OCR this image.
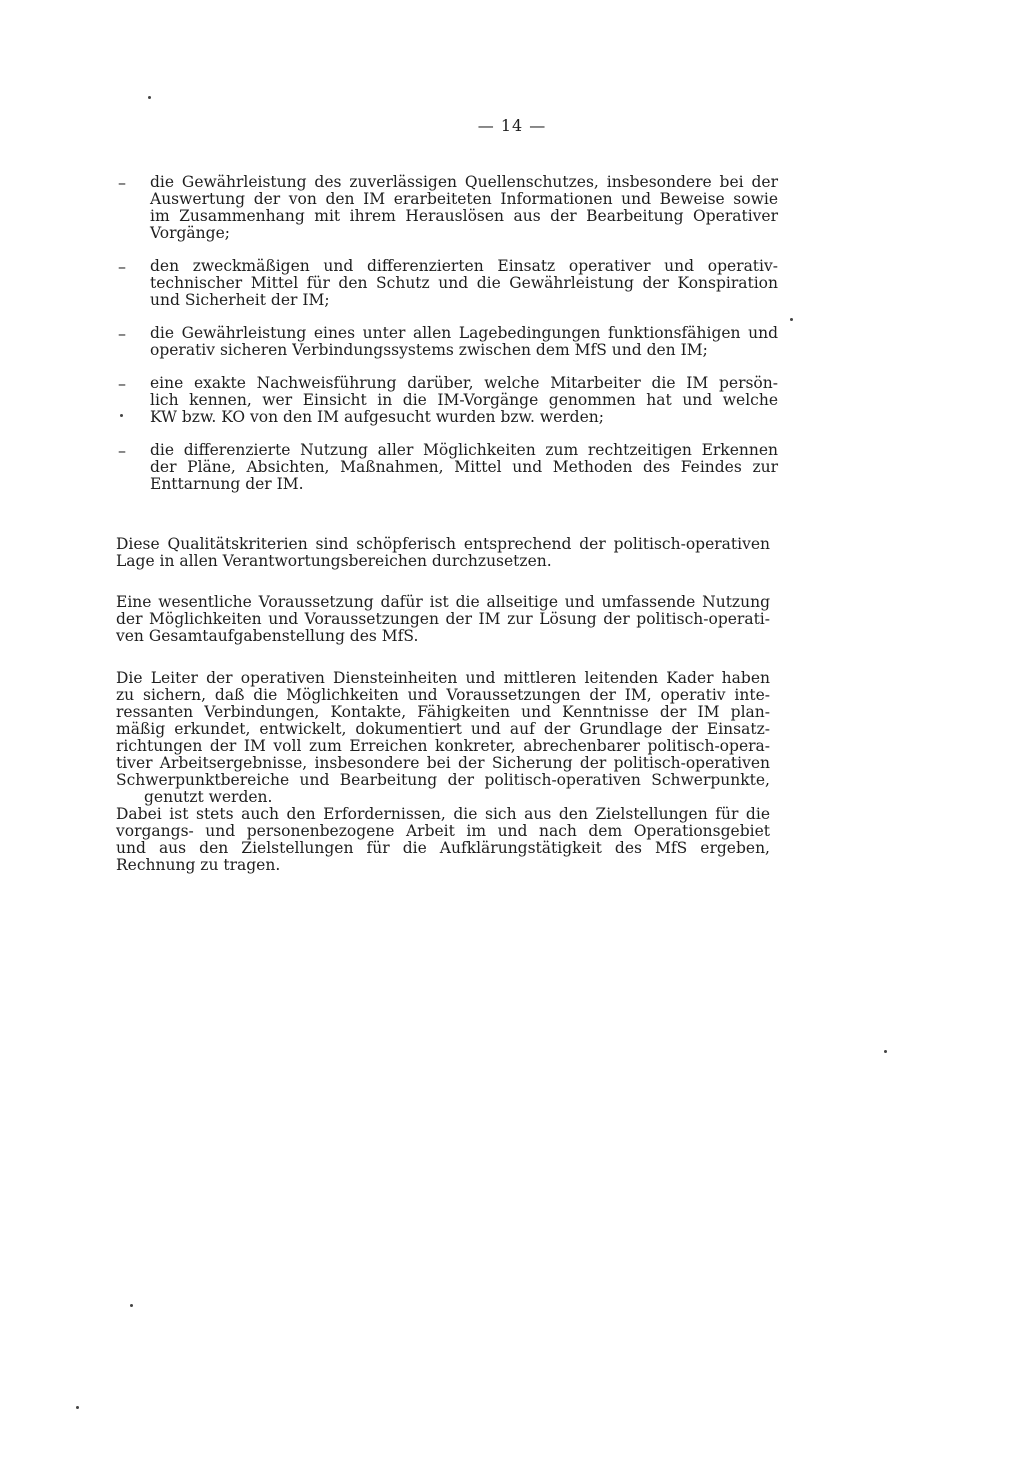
— 14 —
– die Gewährleistung des zuverlässigen Quellenschutzes, insbesondere bei der
Auswertung der von den IM erarbeiteten Informationen und Beweise sowie
im Zusammenhang mit ihrem Herauslösen aus der Bearbeitung Operativer
Vorgänge;
– den zweckmäßigen und differenzierten Einsatz operativer und operativ-
technischer Mittel für den Schutz und die Gewährleistung der Konspiration
und Sicherheit der IM;
– die Gewährleistung eines unter allen Lagebedingungen funktionsfähigen und
operativ sicheren Verbindungssystems zwischen dem MfS und den IM;
– eine exakte Nachweisführung darüber, welche Mitarbeiter die IM persön-
lich kennen, wer Einsicht in die IM-Vorgänge genommen hat und welche
KW bzw. KO von den IM aufgesucht wurden bzw. werden;
– die differenzierte Nutzung aller Möglichkeiten zum rechtzeitigen Erkennen
der Pläne, Absichten, Maßnahmen, Mittel und Methoden des Feindes zur
Enttarnung der IM.
Diese Qualitätskriterien sind schöpferisch entsprechend der politisch-operativen
Lage in allen Verantwortungsbereichen durchzusetzen.
Eine wesentliche Voraussetzung dafür ist die allseitige und umfassende Nutzung
der Möglichkeiten und Voraussetzungen der IM zur Lösung der politisch-operati-
ven Gesamtaufgabenstellung des MfS.
Die Leiter der operativen Diensteinheiten und mittleren leitenden Kader haben
zu sichern, daß die Möglichkeiten und Voraussetzungen der IM, operativ inte-
ressanten Verbindungen, Kontakte, Fähigkeiten und Kenntnisse der IM plan-
mäßig erkundet, entwickelt, dokumentiert und auf der Grundlage der Einsatz-
richtungen der IM voll zum Erreichen konkreter, abrechenbarer politisch-opera-
tiver Arbeitsergebnisse, insbesondere bei der Sicherung der politisch-operativen
Schwerpunktbereiche und Bearbeitung der politisch-operativen Schwerpunkte,
genutzt werden.
Dabei ist stets auch den Erfordernissen, die sich aus den Zielstellungen für die
vorgangs- und personenbezogene Arbeit im und nach dem Operationsgebiet
und aus den Zielstellungen für die Aufklärungstätigkeit des MfS ergeben,
Rechnung zu tragen.
